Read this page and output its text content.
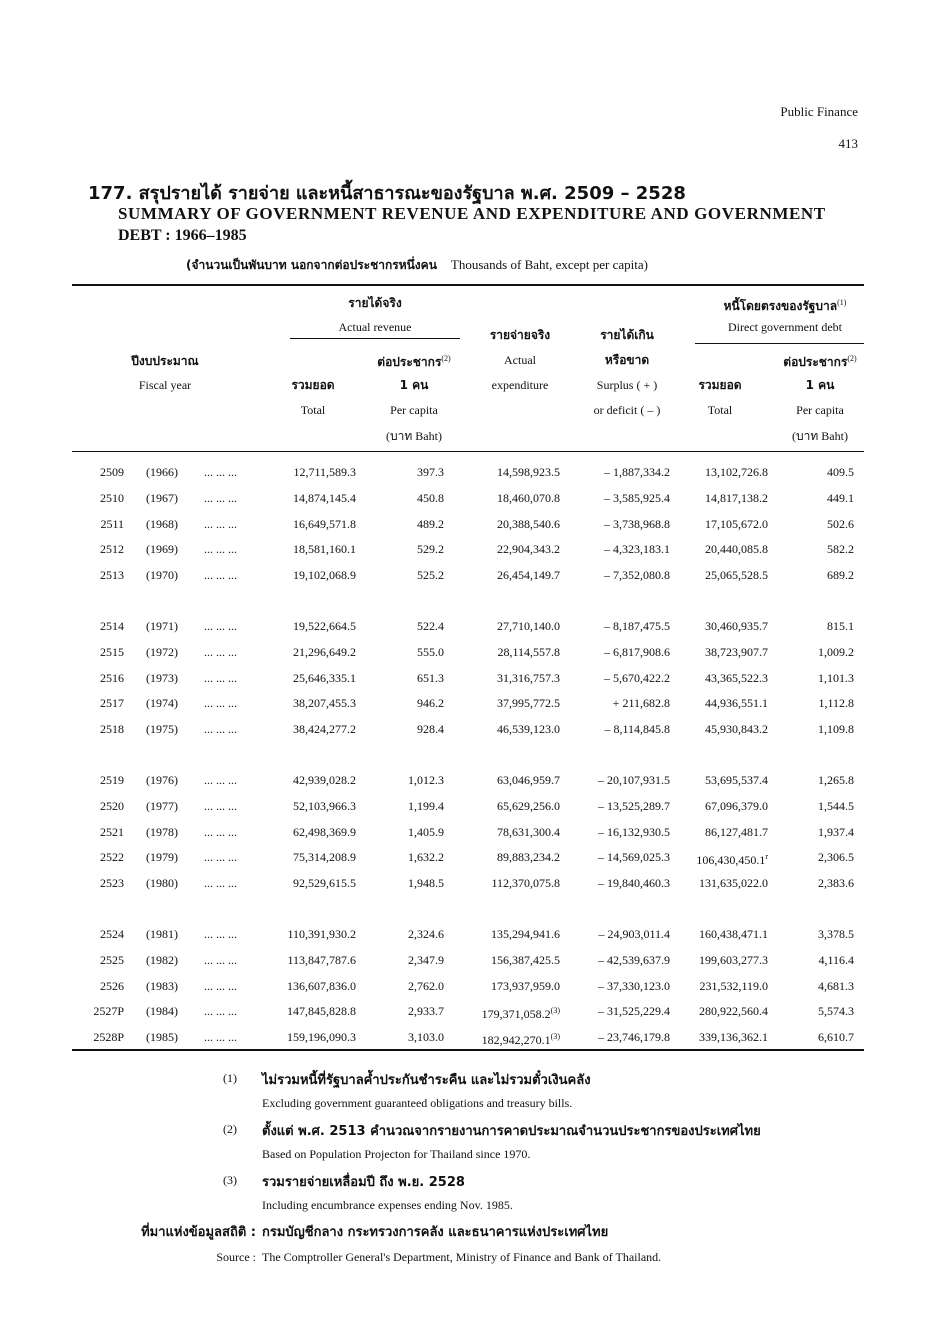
Public Finance
413
177. สรุปรายได้ รายจ่าย และหนี้สาธารณะของรัฐบาล พ.ศ. 2509 – 2528
SUMMARY OF GOVERNMENT REVENUE AND EXPENDITURE AND GOVERNMENT
DEBT : 1966–1985
(จำนวนเป็นพันบาท นอกจากต่อประชากรหนึ่งคน Thousands of Baht, except per capita)
ปีงบประมาณ
Fiscal year
รายได้จริง
Actual revenue
รวมยอด
Total
ต่อประชากร$^{(2)}$
1 คน
Per capita
(บาท Baht)
รายจ่ายจริง
Actual
expenditure
รายได้เกิน
หรือขาด
Surplus ( + )
or deficit ( – )
หนี้โดยตรงของรัฐบาล$^{(1)}$
Direct government debt
รวมยอด
Total
ต่อประชากร$^{(2)}$
1 คน
Per capita
(บาท Baht)
2509 (1966)	... ... ...	12,711,589.3	397.3	14,598,923.5	– 1,887,334.2	13,102,726.8	409.5
2510 (1967)	... ... ...	14,874,145.4	450.8	18,460,070.8	– 3,585,925.4	14,817,138.2	449.1
2511 (1968)	... ... ...	16,649,571.8	489.2	20,388,540.6	– 3,738,968.8	17,105,672.0	502.6
2512 (1969)	... ... ...	18,581,160.1	529.2	22,904,343.2	– 4,323,183.1	20,440,085.8	582.2
2513 (1970)	... ... ...	19,102,068.9	525.2	26,454,149.7	– 7,352,080.8	25,065,528.5	689.2
2514 (1971)	... ... ...	19,522,664.5	522.4	27,710,140.0	– 8,187,475.5	30,460,935.7	815.1
2515 (1972)	... ... ...	21,296,649.2	555.0	28,114,557.8	– 6,817,908.6	38,723,907.7	1,009.2
2516 (1973)	... ... ...	25,646,335.1	651.3	31,316,757.3	– 5,670,422.2	43,365,522.3	1,101.3
2517 (1974)	... ... ...	38,207,455.3	946.2	37,995,772.5	+ 211,682.8	44,936,551.1	1,112.8
2518 (1975)	... ... ...	38,424,277.2	928.4	46,539,123.0	– 8,114,845.8	45,930,843.2	1,109.8
2519 (1976)	... ... ...	42,939,028.2	1,012.3	63,046,959.7	– 20,107,931.5	53,695,537.4	1,265.8
2520 (1977)	... ... ...	52,103,966.3	1,199.4	65,629,256.0	– 13,525,289.7	67,096,379.0	1,544.5
2521 (1978)	... ... ...	62,498,369.9	1,405.9	78,631,300.4	– 16,132,930.5	86,127,481.7	1,937.4
2522 (1979)	... ... ...	75,314,208.9	1,632.2	89,883,234.2	– 14,569,025.3	106,430,450.1$^r$	2,306.5
2523 (1980)	... ... ...	92,529,615.5	1,948.5	112,370,075.8	– 19,840,460.3	131,635,022.0	2,383.6
2524 (1981)	... ... ...	110,391,930.2	2,324.6	135,294,941.6	– 24,903,011.4	160,438,471.1	3,378.5
2525 (1982)	... ... ...	113,847,787.6	2,347.9	156,387,425.5	– 42,539,637.9	199,603,277.3	4,116.4
2526 (1983)	... ... ...	136,607,836.0	2,762.0	173,937,959.0	– 37,330,123.0	231,532,119.0	4,681.3
2527P (1984)	... ... ...	147,845,828.8	2,933.7	179,371,058.2$^{(3)}$	– 31,525,229.4	280,922,560.4	5,574.3
2528P (1985)	... ... ...	159,196,090.3	3,103.0	182,942,270.1$^{(3)}$	– 23,746,179.8	339,136,362.1	6,610.7
(1) ไม่รวมหนี้ที่รัฐบาลค้ำประกันชำระคืน และไม่รวมตั๋วเงินคลัง
Excluding government guaranteed obligations and treasury bills.
(2) ตั้งแต่ พ.ศ. 2513 คำนวณจากรายงานการคาดประมาณจำนวนประชากรของประเทศไทย
Based on Population Projecton for Thailand since 1970.
(3) รวมรายจ่ายเหลื่อมปี ถึง พ.ย. 2528
Including encumbrance expenses ending Nov. 1985.
ที่มาแห่งข้อมูลสถิติ : กรมบัญชีกลาง กระทรวงการคลัง และธนาคารแห่งประเทศไทย
Source : The Comptroller General's Department, Ministry of Finance and Bank of Thailand.
